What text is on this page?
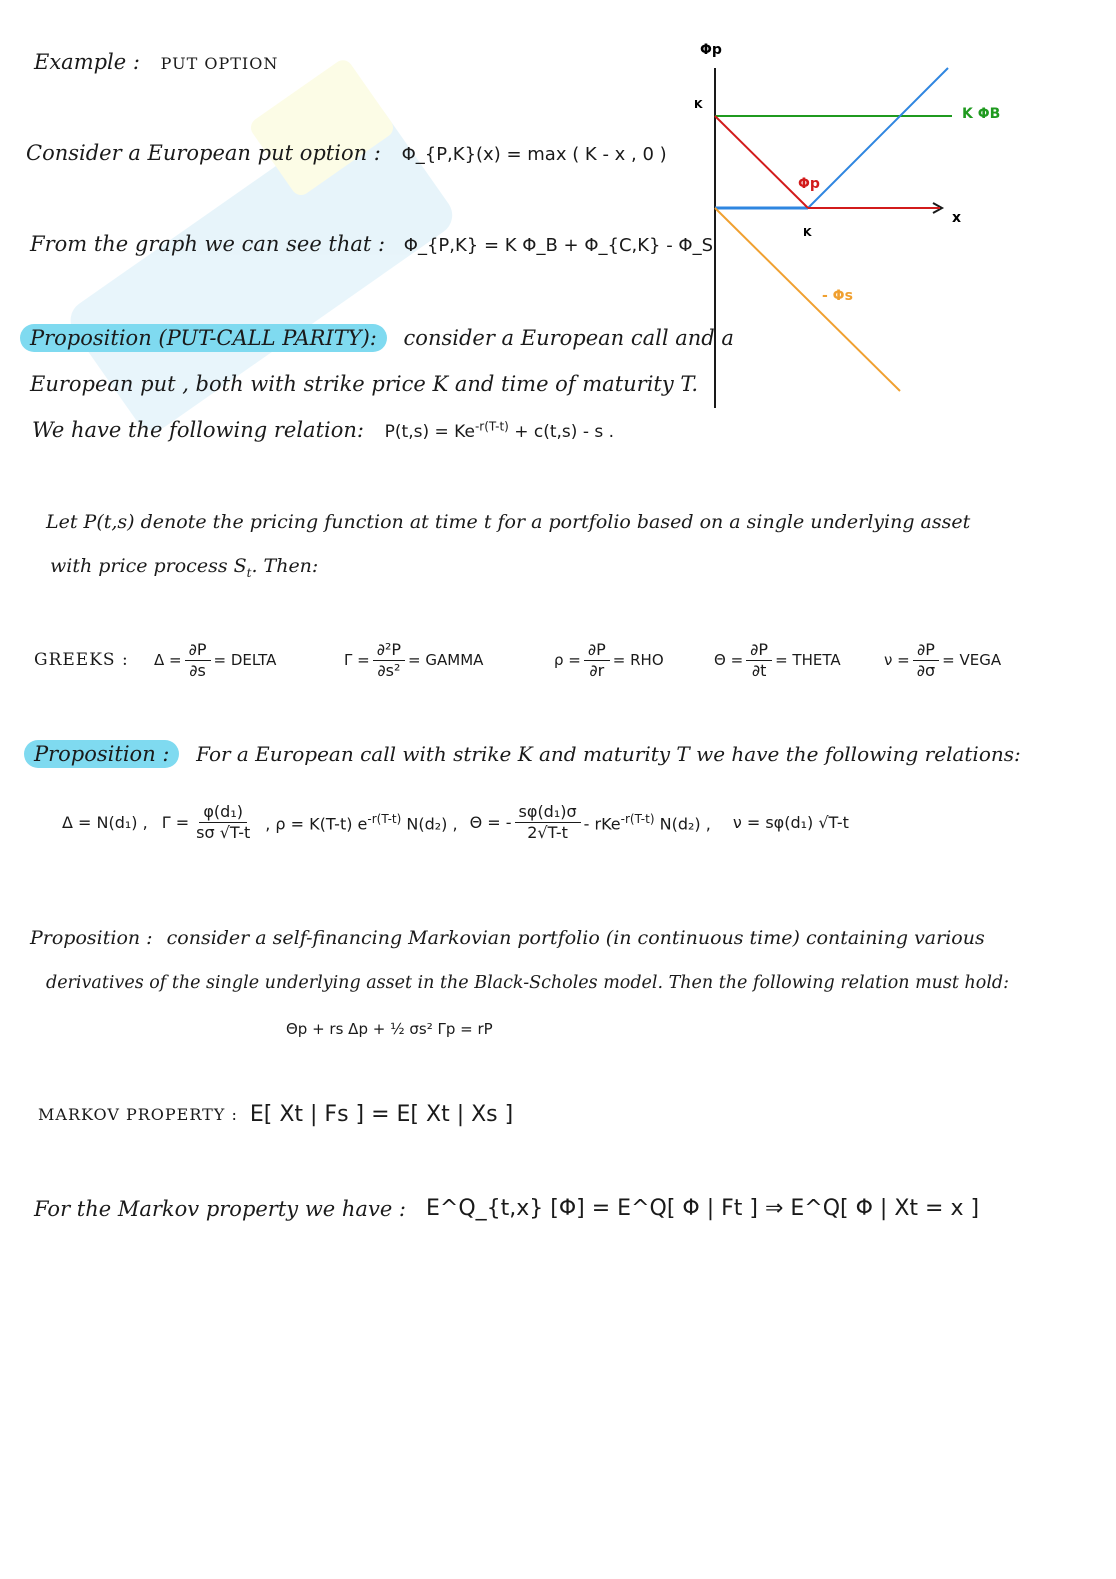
Example : PUT OPTION
Consider a European put option : Φ_{P,K}(x) = max ( K - x , 0 )
From the graph we can see that : Φ_{P,K} = K Φ_B + Φ_{C,K} - Φ_S
Proposition (PUT-CALL PARITY): consider a European call and a
European put , both with strike price K and time of maturity T.
We have the following relation: $P(t,s) = Ke^{-r(T-t)} + c(t,s) - s$ .
Let P(t,s) denote the pricing function at time t for a portfolio based on a single underlying asset
with price process $S_t$. Then:
GREEKS :	$\Delta = \frac{\partial P}{\partial s}$ = DELTA	$\Gamma = \frac{\text{∂²P}}{\text{∂s²}}$ = GAMMA	$\rho = \frac{\partial P}{\partial r}$ = RHO	$\Theta = \frac{\partial P}{\partial t}$ = THETA	$\nu = \frac{\partial P}{\partial\sigma}$ = VEGA
Proposition : For a European call with strike K and maturity T we have the following relations:
Δ = N(d₁) , $\Gamma = \frac{\text{φ(d₁)}}{s\sigma √T-t}$ , ρ = K(T-t) $e^{-r(T-t)}$ N(d₂) , Θ = - $\frac{\text{sφ(d₁)σ}}{2√T-t} - rKe^{-r(T-t)}$ N(d₂) , ν = sφ(d₁) √T-t
Proposition : consider a self-financing Markovian portfolio (in continuous time) containing various
derivatives of the single underlying asset in the Black-Scholes model. Then the following relation must hold:
Θp + rs Δp + ½ σs² Γp = rP
MARKOV PROPERTY : E[ Xt | Fs ] = E[ Xt | Xs ]
For the Markov property we have : E^Q_{t,x} [Φ] = E^Q[ Φ | Ft ] ⇒ E^Q[ Φ | Xt = x ]
Φp
x
K
K
K ΦB
Φp
- Φs
